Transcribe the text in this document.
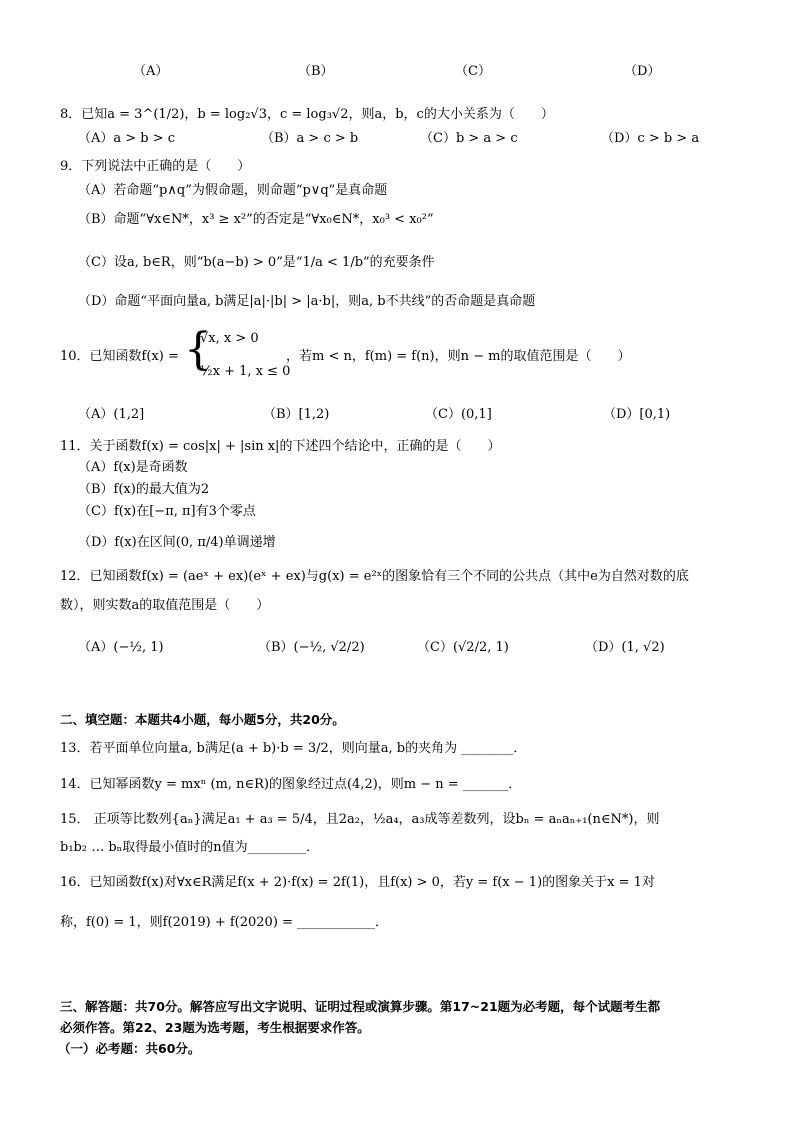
（A）	（B）	（C）	（D）
8．已知a = 3^(1/2)，b = log₂√3，c = log₃√2，则a，b，c的大小关系为（　　）
（A）a > b > c	（B）a > c > b	（C）b > a > c	（D）c > b > a
9．下列说法中正确的是（　　）
（A）若命题“p∧q”为假命题，则命题“p∨q”是真命题
（B）命题“∀x∈N*，x³ ≥ x²”的否定是“∀x₀∈N*，x₀³ < x₀²”
（C）设a, b∈R，则“b(a−b) > 0”是“1/a < 1/b”的充要条件
（D）命题“平面向量a, b满足|a|·|b| > |a·b|，则a, b不共线”的否命题是真命题
10．已知函数f(x) = {
√x, x > 0
½x + 1, x ≤ 0
，若m < n，f(m) = f(n)，则n − m的取值范围是（　　）
（A）(1,2]	（B）[1,2)	（C）(0,1]	（D）[0,1)
11．关于函数f(x) = cos|x| + |sin x|的下述四个结论中，正确的是（　　）
（A）f(x)是奇函数
（B）f(x)的最大值为2
（C）f(x)在[−π, π]有3个零点
（D）f(x)在区间(0, π/4)单调递增
12．已知函数f(x) = (aeˣ + ex)(eˣ + ex)与g(x) = e²ˣ的图象恰有三个不同的公共点（其中e为自然对数的底
数），则实数a的取值范围是（　　）
（A）(−½, 1)	（B）(−½, √2/2)	（C）(√2/2, 1)	（D）(1, √2)
二、填空题：本题共4小题，每小题5分，共20分。
13．若平面单位向量a, b满足(a + b)·b = 3/2，则向量a, b的夹角为 ________．
14．已知幂函数y = mxⁿ (m, n∈R)的图象经过点(4,2)，则m − n = _______．
15． 正项等比数列{aₙ}满足a₁ + a₃ = 5/4，且2a₂，½a₄，a₃成等差数列，设bₙ = aₙaₙ₊₁(n∈N*)，则
b₁b₂ … bₙ取得最小值时的n值为_________．
16．已知函数f(x)对∀x∈R满足f(x + 2)·f(x) = 2f(1)，且f(x) > 0，若y = f(x − 1)的图象关于x = 1对
称，f(0) = 1，则f(2019) + f(2020) = ____________．
三、解答题：共70分。解答应写出文字说明、证明过程或演算步骤。第17~21题为必考题，每个试题考生都
必须作答。第22、23题为选考题，考生根据要求作答。
（一）必考题：共60分。
